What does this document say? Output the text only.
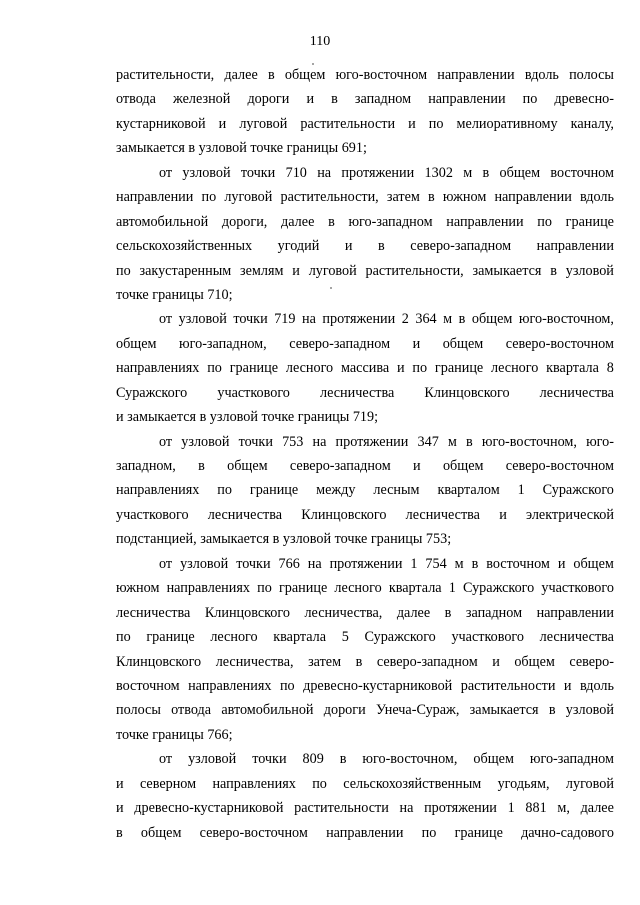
110
растительности, далее в общем юго-восточном направлении вдоль полосы
отвода железной дороги и в западном направлении по древесно-
кустарниковой и луговой растительности и по мелиоративному каналу,
замыкается в узловой точке границы 691;
от узловой точки 710 на протяжении 1302 м в общем восточном
направлении по луговой растительности, затем в южном направлении вдоль
автомобильной дороги, далее в юго-западном направлении по границе
сельскохозяйственных угодий и в северо-западном направлении
по закустаренным землям и луговой растительности, замыкается в узловой
точке границы 710;
от узловой точки 719 на протяжении 2 364 м в общем юго-восточном,
общем юго-западном, северо-западном и общем северо-восточном
направлениях по границе лесного массива и по границе лесного квартала 8
Суражского участкового лесничества Клинцовского лесничества
и замыкается в узловой точке границы 719;
от узловой точки 753 на протяжении 347 м в юго-восточном, юго-
западном, в общем северо-западном и общем северо-восточном
направлениях по границе между лесным кварталом 1 Суражского
участкового лесничества Клинцовского лесничества и электрической
подстанцией, замыкается в узловой точке границы 753;
от узловой точки 766 на протяжении 1 754 м в восточном и общем
южном направлениях по границе лесного квартала 1 Суражского участкового
лесничества Клинцовского лесничества, далее в западном направлении
по границе лесного квартала 5 Суражского участкового лесничества
Клинцовского лесничества, затем в северо-западном и общем северо-
восточном направлениях по древесно-кустарниковой растительности и вдоль
полосы отвода автомобильной дороги Унеча-Сураж, замыкается в узловой
точке границы 766;
от узловой точки 809 в юго-восточном, общем юго-западном
и северном направлениях по сельскохозяйственным угодьям, луговой
и древесно-кустарниковой растительности на протяжении 1 881 м, далее
в общем северо-восточном направлении по границе дачно-садового
